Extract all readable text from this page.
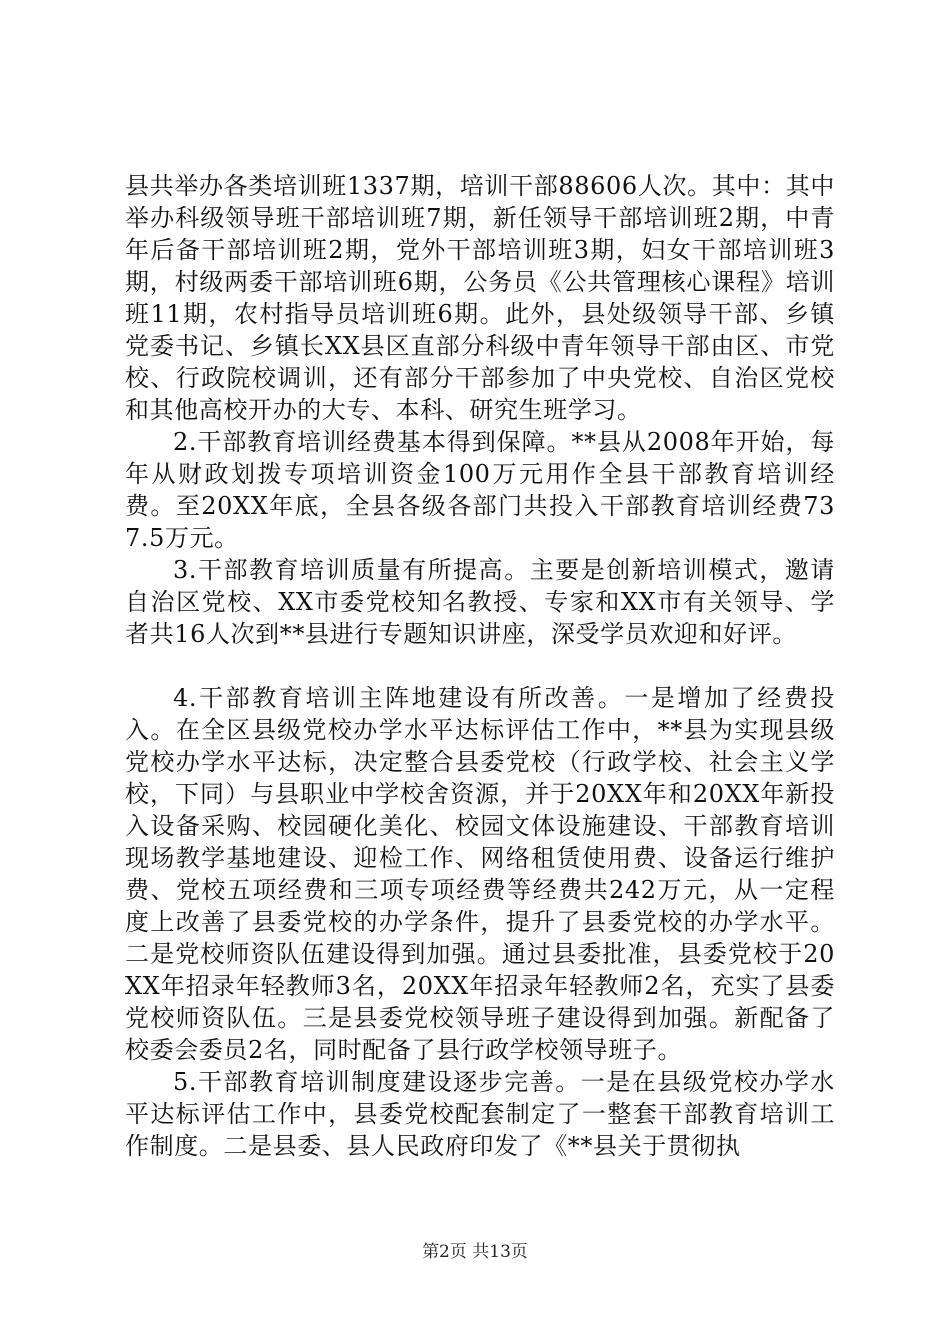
县共举办各类培训班1337期，培训干部88606人次。其中：其中举办科级领导班干部培训班7期，新任领导干部培训班2期，中青年后备干部培训班2期，党外干部培训班3期，妇女干部培训班3期，村级两委干部培训班6期，公务员《公共管理核心课程》培训班11期，农村指导员培训班6期。此外，县处级领导干部、乡镇党委书记、乡镇长XX县区直部分科级中青年领导干部由区、市党校、行政院校调训，还有部分干部参加了中央党校、自治区党校和其他高校开办的大专、本科、研究生班学习。

2.干部教育培训经费基本得到保障。**县从2008年开始，每年从财政划拨专项培训资金100万元用作全县干部教育培训经费。至20XX年底，全县各级各部门共投入干部教育培训经费737.5万元。

3.干部教育培训质量有所提高。主要是创新培训模式，邀请自治区党校、XX市委党校知名教授、专家和XX市有关领导、学者共16人次到**县进行专题知识讲座，深受学员欢迎和好评。

4.干部教育培训主阵地建设有所改善。一是增加了经费投入。在全区县级党校办学水平达标评估工作中，**县为实现县级党校办学水平达标，决定整合县委党校（行政学校、社会主义学校，下同）与县职业中学校舍资源，并于20XX年和20XX年新投入设备采购、校园硬化美化、校园文体设施建设、干部教育培训现场教学基地建设、迎检工作、网络租赁使用费、设备运行维护费、党校五项经费和三项专项经费等经费共242万元，从一定程度上改善了县委党校的办学条件，提升了县委党校的办学水平。二是党校师资队伍建设得到加强。通过县委批准，县委党校于20XX年招录年轻教师3名，20XX年招录年轻教师2名，充实了县委党校师资队伍。三是县委党校领导班子建设得到加强。新配备了校委会委员2名，同时配备了县行政学校领导班子。

5.干部教育培训制度建设逐步完善。一是在县级党校办学水平达标评估工作中，县委党校配套制定了一整套干部教育培训工作制度。二是县委、县人民政府印发了《**县关于贯彻执

第2页 共13页
